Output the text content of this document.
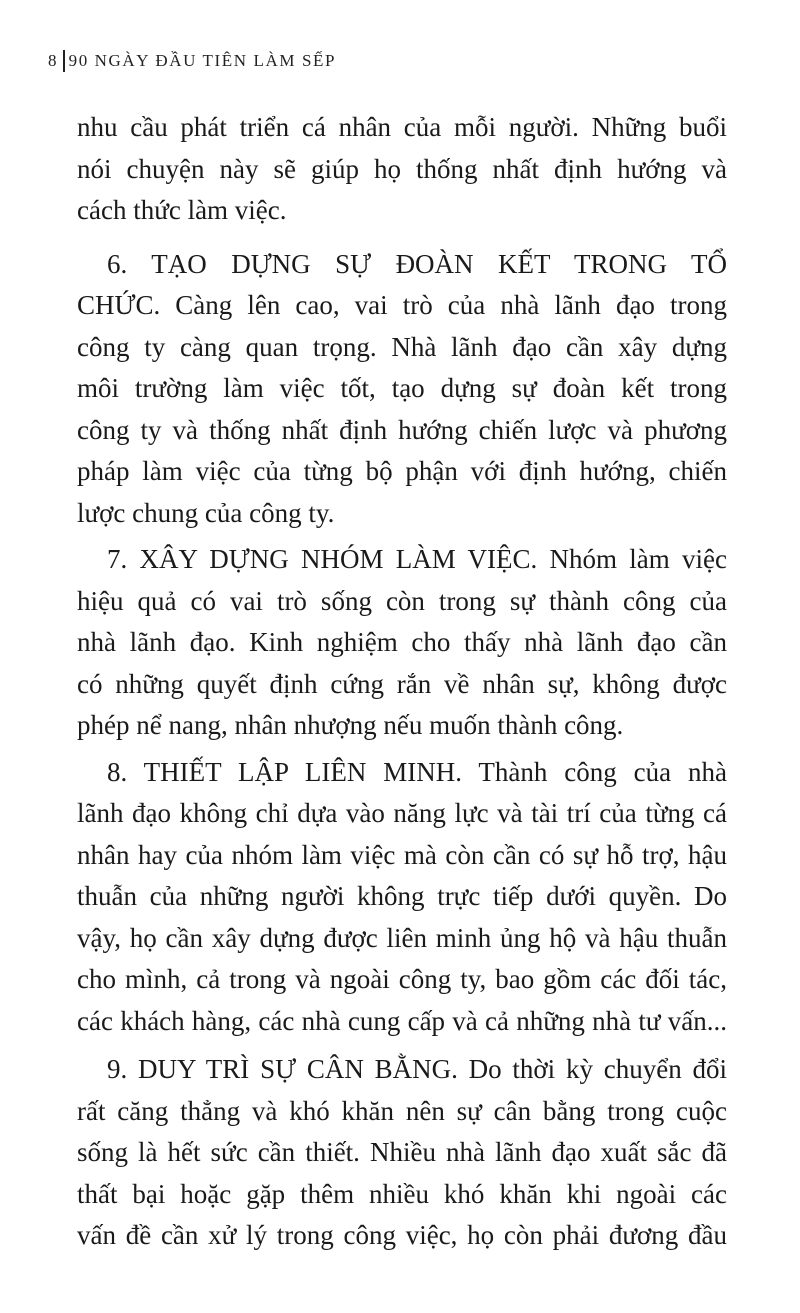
8 90 NGÀY ĐẦU TIÊN LÀM SẾP
nhu cầu phát triển cá nhân của mỗi người. Những buổi
nói chuyện này sẽ giúp họ thống nhất định hướng và
cách thức làm việc.
6. TẠO DỰNG SỰ ĐOÀN KẾT TRONG TỔ
CHỨC. Càng lên cao, vai trò của nhà lãnh đạo trong
công ty càng quan trọng. Nhà lãnh đạo cần xây dựng
môi trường làm việc tốt, tạo dựng sự đoàn kết trong
công ty và thống nhất định hướng chiến lược và phương
pháp làm việc của từng bộ phận với định hướng, chiến
lược chung của công ty.
7. XÂY DỰNG NHÓM LÀM VIỆC. Nhóm làm việc
hiệu quả có vai trò sống còn trong sự thành công của
nhà lãnh đạo. Kinh nghiệm cho thấy nhà lãnh đạo cần
có những quyết định cứng rắn về nhân sự, không được
phép nể nang, nhân nhượng nếu muốn thành công.
8. THIẾT LẬP LIÊN MINH. Thành công của nhà
lãnh đạo không chỉ dựa vào năng lực và tài trí của từng cá
nhân hay của nhóm làm việc mà còn cần có sự hỗ trợ, hậu
thuẫn của những người không trực tiếp dưới quyền. Do
vậy, họ cần xây dựng được liên minh ủng hộ và hậu thuẫn
cho mình, cả trong và ngoài công ty, bao gồm các đối tác,
các khách hàng, các nhà cung cấp và cả những nhà tư vấn...
9. DUY TRÌ SỰ CÂN BẰNG. Do thời kỳ chuyển đổi
rất căng thẳng và khó khăn nên sự cân bằng trong cuộc
sống là hết sức cần thiết. Nhiều nhà lãnh đạo xuất sắc đã
thất bại hoặc gặp thêm nhiều khó khăn khi ngoài các
vấn đề cần xử lý trong công việc, họ còn phải đương đầu
